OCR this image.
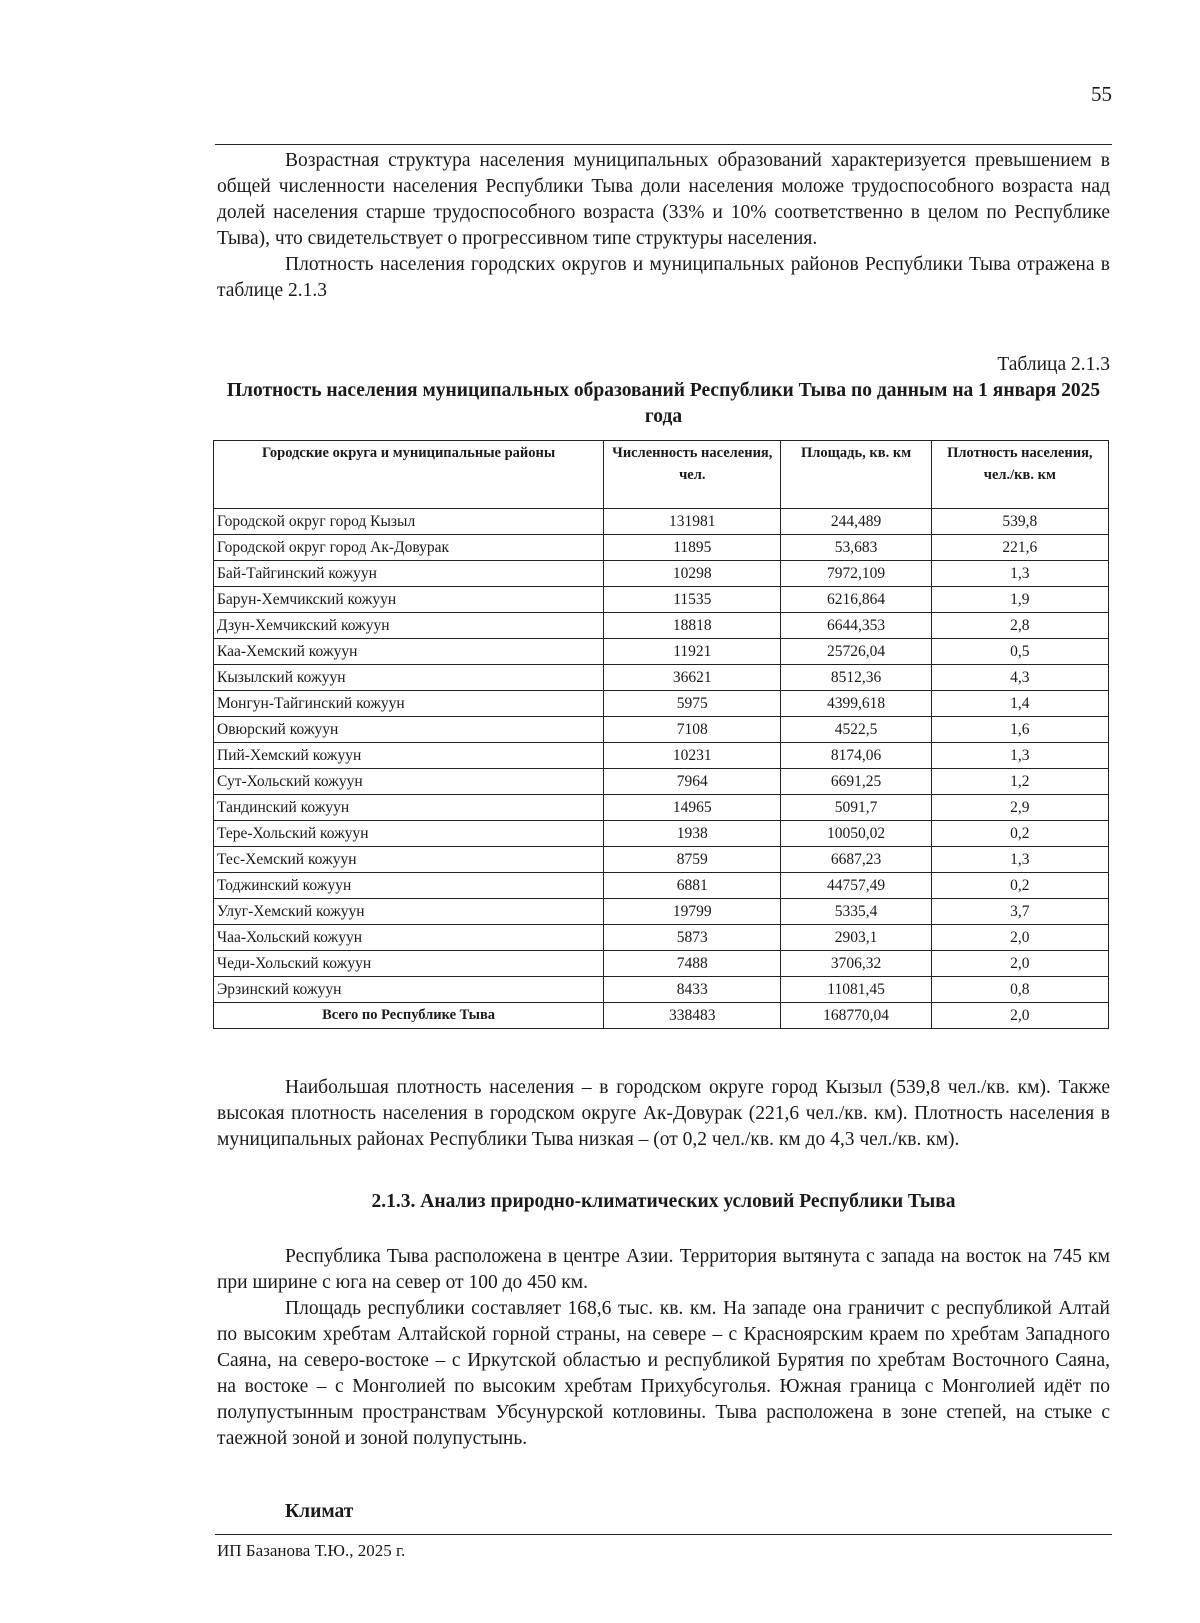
55

Возрастная структура населения муниципальных образований характеризуется превышением в общей численности населения Республики Тыва доли населения моложе трудоспособного возраста над долей населения старше трудоспособного возраста (33% и 10% соответственно в целом по Республике Тыва), что свидетельствует о прогрессивном типе структуры населения.

Плотность населения городских округов и муниципальных районов Республики Тыва отражена в таблице 2.1.3

Таблица 2.1.3
Плотность населения муниципальных образований Республики Тыва по данным на 1 января 2025 года
Городские округа и муниципальные районы	Численность населения, чел.	Площадь, кв. км	Плотность населения, чел./кв. км
Городской округ город Кызыл	131981	244,489	539,8
Городской округ город Ак-Довурак	11895	53,683	221,6
Бай-Тайгинский кожуун	10298	7972,109	1,3
Барун-Хемчикский кожуун	11535	6216,864	1,9
Дзун-Хемчикский кожуун	18818	6644,353	2,8
Каа-Хемский кожуун	11921	25726,04	0,5
Кызылский кожуун	36621	8512,36	4,3
Монгун-Тайгинский кожуун	5975	4399,618	1,4
Овюрский кожуун	7108	4522,5	1,6
Пий-Хемский кожуун	10231	8174,06	1,3
Сут-Хольский кожуун	7964	6691,25	1,2
Тандинский кожуун	14965	5091,7	2,9
Тере-Хольский кожуун	1938	10050,02	0,2
Тес-Хемский кожуун	8759	6687,23	1,3
Тоджинский кожуун	6881	44757,49	0,2
Улуг-Хемский кожуун	19799	5335,4	3,7
Чаа-Хольский кожуун	5873	2903,1	2,0
Чеди-Хольский кожуун	7488	3706,32	2,0
Эрзинский кожуун	8433	11081,45	0,8
Всего по Республике Тыва	338483	168770,04	2,0

Наибольшая плотность населения – в городском округе город Кызыл (539,8 чел./кв. км). Также высокая плотность населения в городском округе Ак-Довурак (221,6 чел./кв. км). Плотность населения в муниципальных районах Республики Тыва низкая – (от 0,2 чел./кв. км до 4,3 чел./кв. км).

2.1.3. Анализ природно-климатических условий Республики Тыва

Республика Тыва расположена в центре Азии. Территория вытянута с запада на восток на 745 км при ширине с юга на север от 100 до 450 км.

Площадь республики составляет 168,6 тыс. кв. км. На западе она граничит с республикой Алтай по высоким хребтам Алтайской горной страны, на севере – с Красноярским краем по хребтам Западного Саяна, на северо-востоке – с Иркутской областью и республикой Бурятия по хребтам Восточного Саяна, на востоке – с Монголией по высоким хребтам Прихубсуголья. Южная граница с Монголией идёт по полупустынным пространствам Убсунурской котловины. Тыва расположена в зоне степей, на стыке с таежной зоной и зоной полупустынь.

Климат
ИП Базанова Т.Ю., 2025 г.
